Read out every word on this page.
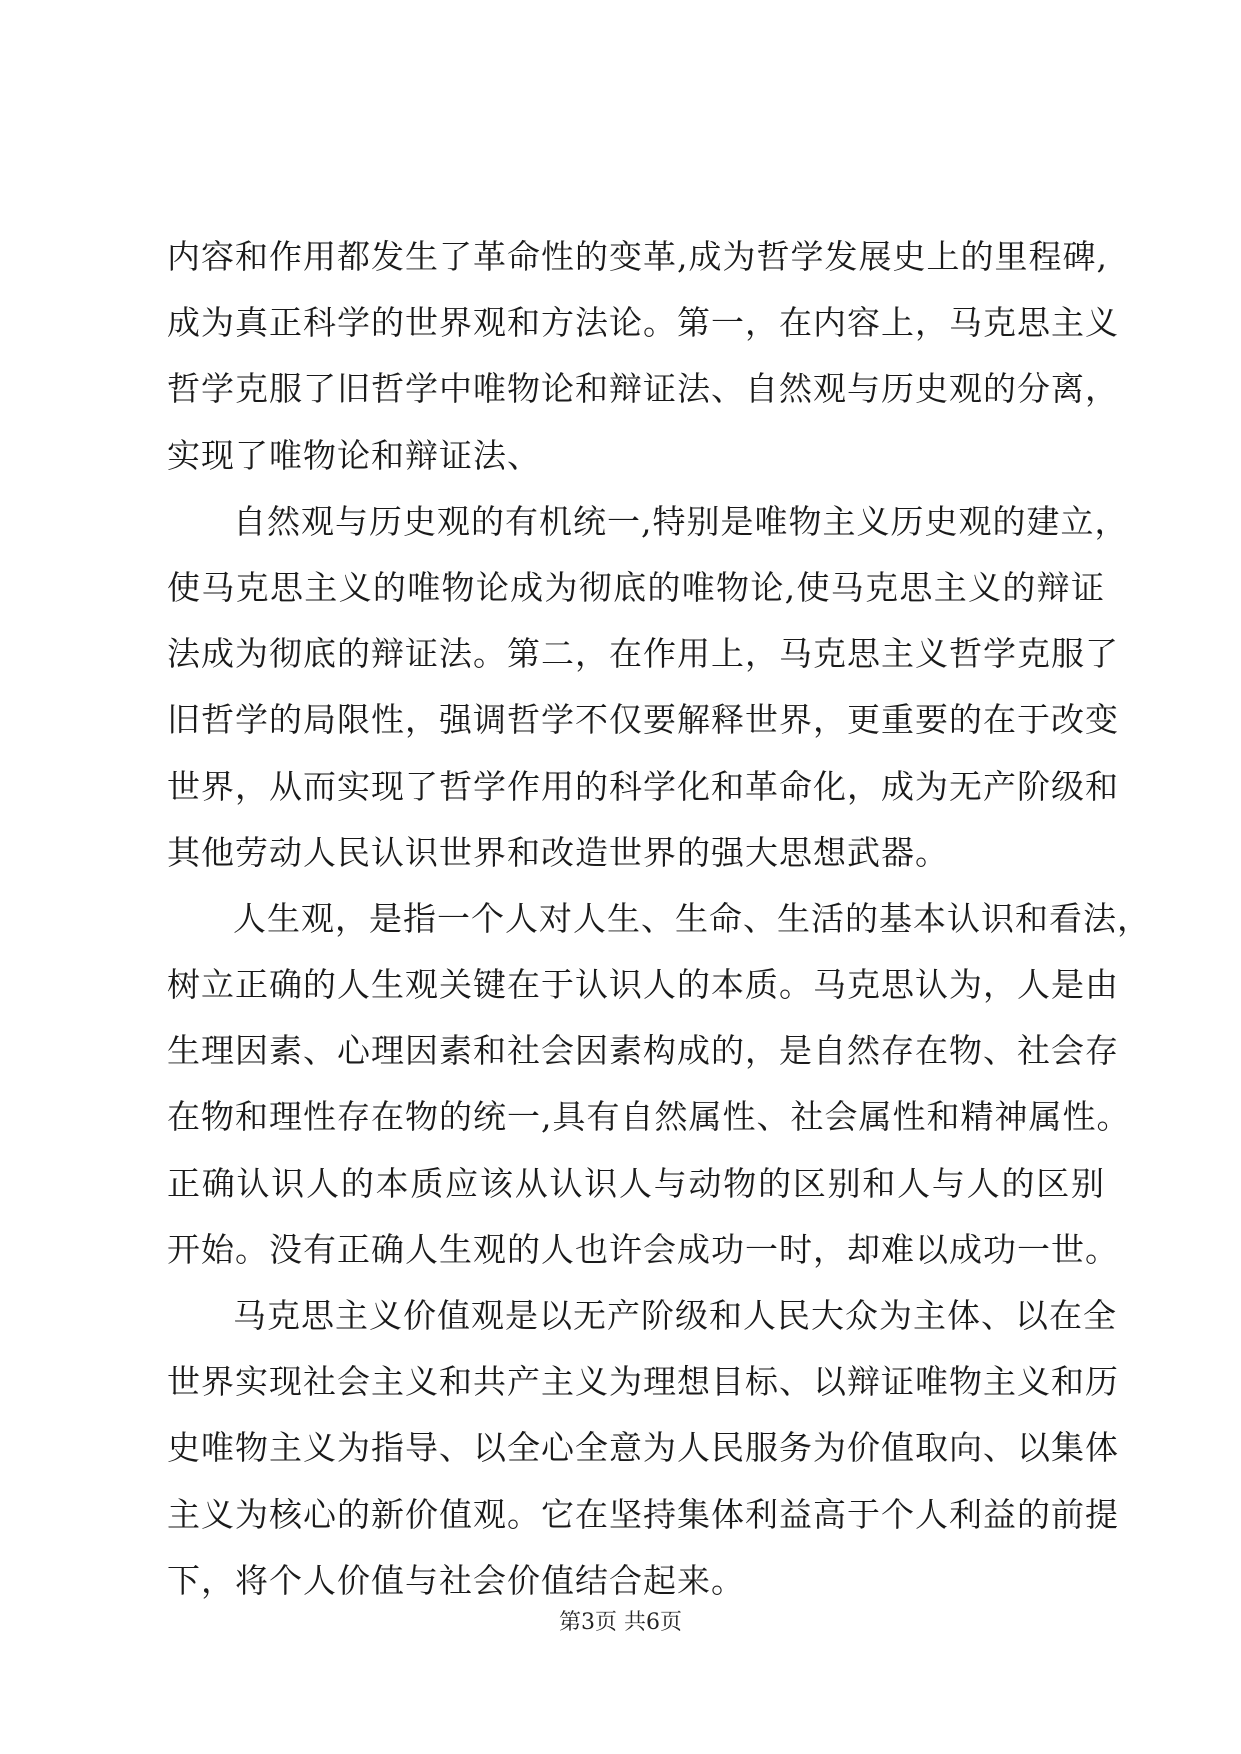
内容和作用都发生了革命性的变革,成为哲学发展史上的里程碑,
成为真正科学的世界观和方法论。第一，在内容上，马克思主义
哲学克服了旧哲学中唯物论和辩证法、自然观与历史观的分离，
实现了唯物论和辩证法、
自然观与历史观的有机统一,特别是唯物主义历史观的建立，
使马克思主义的唯物论成为彻底的唯物论,使马克思主义的辩证
法成为彻底的辩证法。第二，在作用上，马克思主义哲学克服了
旧哲学的局限性，强调哲学不仅要解释世界，更重要的在于改变
世界，从而实现了哲学作用的科学化和革命化，成为无产阶级和
其他劳动人民认识世界和改造世界的强大思想武器。
人生观，是指一个人对人生、生命、生活的基本认识和看法，
树立正确的人生观关键在于认识人的本质。马克思认为，人是由
生理因素、心理因素和社会因素构成的，是自然存在物、社会存
在物和理性存在物的统一,具有自然属性、社会属性和精神属性。
正确认识人的本质应该从认识人与动物的区别和人与人的区别
开始。没有正确人生观的人也许会成功一时，却难以成功一世。
马克思主义价值观是以无产阶级和人民大众为主体、以在全
世界实现社会主义和共产主义为理想目标、以辩证唯物主义和历
史唯物主义为指导、以全心全意为人民服务为价值取向、以集体
主义为核心的新价值观。它在坚持集体利益高于个人利益的前提
下，将个人价值与社会价值结合起来。
第3页 共6页
